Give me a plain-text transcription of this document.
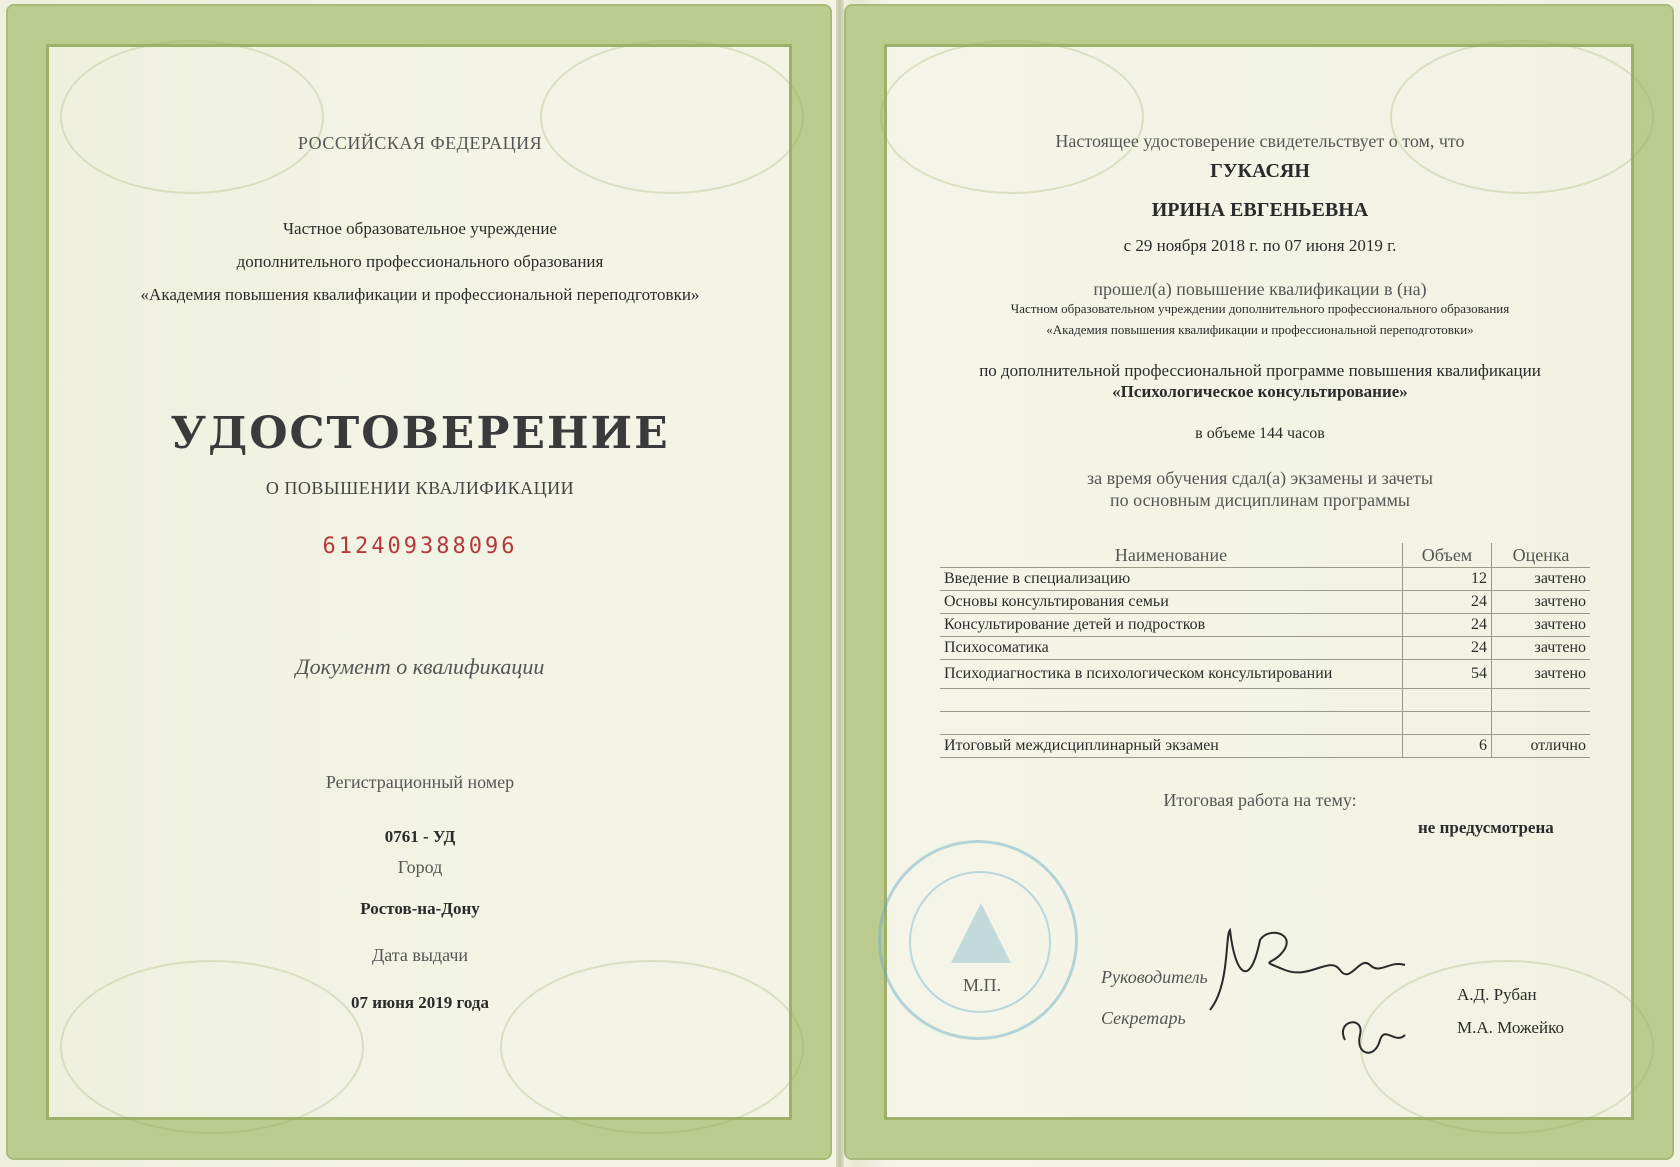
РОССИЙСКАЯ ФЕДЕРАЦИЯ
Частное образовательное учреждение
дополнительного профессионального образования
«Академия повышения квалификации и профессиональной переподготовки»
УДОСТОВЕРЕНИЕ
О ПОВЫШЕНИИ КВАЛИФИКАЦИИ
612409388096
Документ о квалификации
Регистрационный номер
0761 - УД
Город
Ростов-на-Дону
Дата выдачи
07 июня 2019 года
Настоящее удостоверение свидетельствует о том, что
ГУКАСЯН
ИРИНА ЕВГЕНЬЕВНА
с 29 ноября 2018 г. по 07 июня 2019 г.
прошел(а) повышение квалификации в (на)
Частном образовательном учреждении дополнительного профессионального образования
«Академия повышения квалификации и профессиональной переподготовки»
по дополнительной профессиональной программе повышения квалификации
«Психологическое консультирование»
в объеме 144 часов
за время обучения сдал(а) экзамены и зачеты
по основным дисциплинам программы
Наименование	Объем	Оценка
Введение в специализацию	12	зачтено
Основы консультирования семьи	24	зачтено
Консультирование детей и подростков	24	зачтено
Психосоматика	24	зачтено
Психодиагностика в психологическом консультировании	54	зачтено

Итоговый междисциплинарный экзамен	6	отлично
Итоговая работа на тему:
не предусмотрена
М.П.	Руководитель
Секретарь
А.Д. Рубан
М.А. Можейко
